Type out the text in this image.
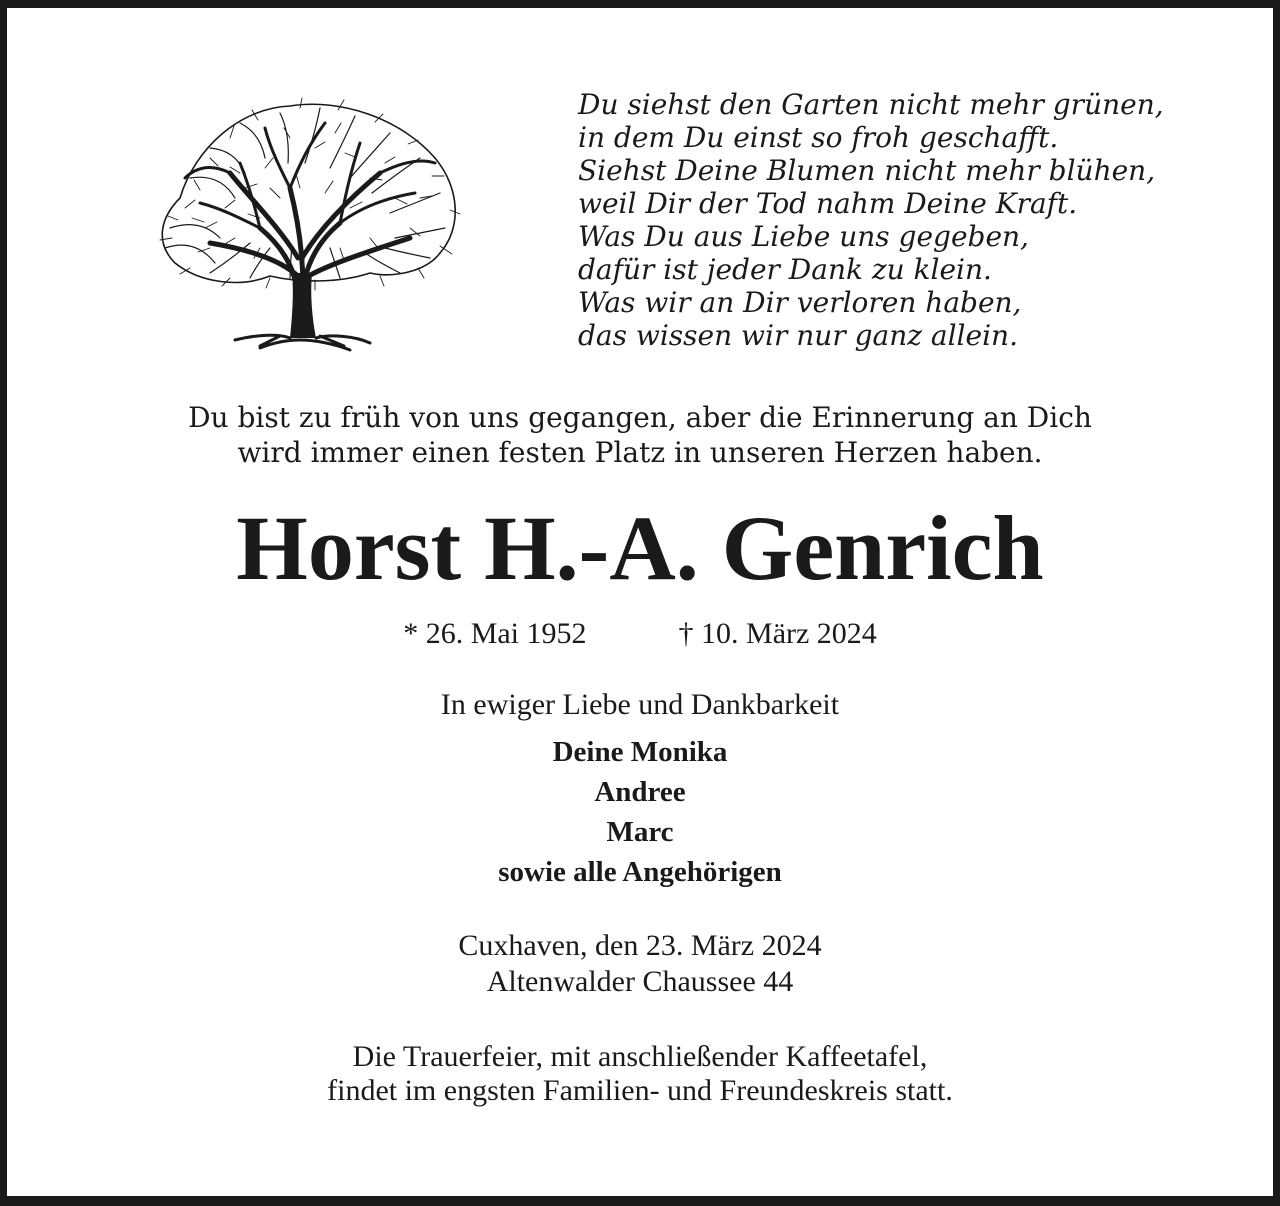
Du siehst den Garten nicht mehr grünen,
in dem Du einst so froh geschafft.
Siehst Deine Blumen nicht mehr blühen,
weil Dir der Tod nahm Deine Kraft.
Was Du aus Liebe uns gegeben,
dafür ist jeder Dank zu klein.
Was wir an Dir verloren haben,
das wissen wir nur ganz allein.
Du bist zu früh von uns gegangen, aber die Erinnerung an Dich
wird immer einen festen Platz in unseren Herzen haben.
Horst H.-A. Genrich
* 26. Mai 1952	† 10. März 2024
In ewiger Liebe und Dankbarkeit
Deine Monika
Andree
Marc
sowie alle Angehörigen
Cuxhaven, den 23. März 2024
Altenwalder Chaussee 44
Die Trauerfeier, mit anschließender Kaffeetafel,
findet im engsten Familien- und Freundeskreis statt.
